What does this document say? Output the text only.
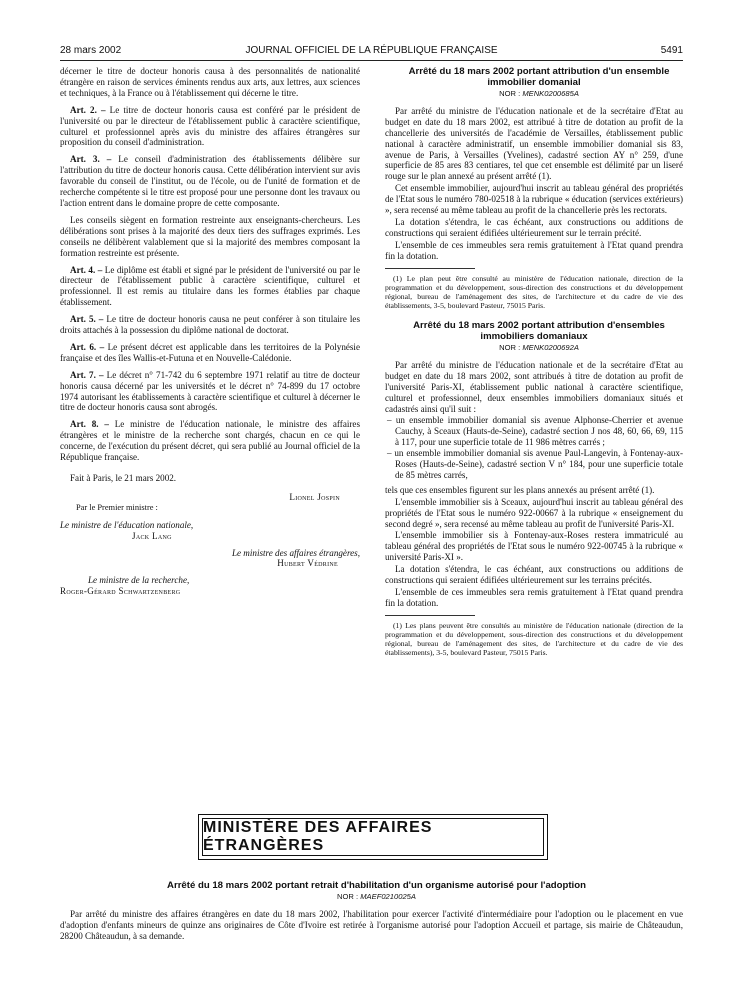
28 mars 2002	JOURNAL OFFICIEL DE LA RÉPUBLIQUE FRANÇAISE	5491

décerner le titre de docteur honoris causa à des personnalités de nationalité étrangère en raison de services éminents rendus aux arts, aux lettres, aux sciences et techniques, à la France ou à l'établissement qui décerne le titre.

Art. 2. – Le titre de docteur honoris causa est conféré par le président de l'université ou par le directeur de l'établissement public à caractère scientifique, culturel et professionnel après avis du ministre des affaires étrangères sur proposition du conseil d'administration.

Art. 3. – Le conseil d'administration des établissements délibère sur l'attribution du titre de docteur honoris causa. Cette délibération intervient sur avis favorable du conseil de l'institut, ou de l'école, ou de l'unité de formation et de recherche compétente si le titre est proposé pour une personne dont les travaux ou l'action entrent dans le domaine propre de cette composante.

Les conseils siègent en formation restreinte aux enseignants-chercheurs. Les délibérations sont prises à la majorité des deux tiers des suffrages exprimés. Les conseils ne délibèrent valablement que si la majorité des membres composant la formation restreinte est présente.

Art. 4. – Le diplôme est établi et signé par le président de l'université ou par le directeur de l'établissement public à caractère scientifique, culturel et professionnel. Il est remis au titulaire dans les formes établies par chaque établissement.

Art. 5. – Le titre de docteur honoris causa ne peut conférer à son titulaire les droits attachés à la possession du diplôme national de doctorat.

Art. 6. – Le présent décret est applicable dans les territoires de la Polynésie française et des îles Wallis-et-Futuna et en Nouvelle-Calédonie.

Art. 7. – Le décret n° 71-742 du 6 septembre 1971 relatif au titre de docteur honoris causa décerné par les universités et le décret n° 74-899 du 17 octobre 1974 autorisant les établissements à caractère scientifique et culturel à décerner le titre de docteur honoris causa sont abrogés.

Art. 8. – Le ministre de l'éducation nationale, le ministre des affaires étrangères et le ministre de la recherche sont chargés, chacun en ce qui le concerne, de l'exécution du présent décret, qui sera publié au Journal officiel de la République française.

Fait à Paris, le 21 mars 2002.

Lionel Jospin

Par le Premier ministre :

Le ministre de l'éducation nationale,

Jack Lang

Le ministre des affaires étrangères,

Hubert Védrine

Le ministre de la recherche,

Roger-Gérard Schwartzenberg

Arrêté du 18 mars 2002 portant attribution d'un ensemble immobilier domanial

NOR : MENK0200685A

Par arrêté du ministre de l'éducation nationale et de la secrétaire d'Etat au budget en date du 18 mars 2002, est attribué à titre de dotation au profit de la chancellerie des universités de l'académie de Versailles, établissement public national à caractère administratif, un ensemble immobilier domanial sis 83, avenue de Paris, à Versailles (Yvelines), cadastré section AY n° 259, d'une superficie de 85 ares 83 centiares, tel que cet ensemble est délimité par un liseré rouge sur le plan annexé au présent arrêté (1).

Cet ensemble immobilier, aujourd'hui inscrit au tableau général des propriétés de l'Etat sous le numéro 780-02518 à la rubrique « éducation (services extérieurs) », sera recensé au même tableau au profit de la chancellerie près les rectorats.

La dotation s'étendra, le cas échéant, aux constructions ou additions de constructions qui seraient édifiées ultérieurement sur le terrain précité.

L'ensemble de ces immeubles sera remis gratuitement à l'Etat quand prendra fin la dotation.

(1) Le plan peut être consulté au ministère de l'éducation nationale, direction de la programmation et du développement, sous-direction des constructions et du développement régional, bureau de l'aménagement des sites, de l'architecture et du cadre de vie des établissements, 3-5, boulevard Pasteur, 75015 Paris.

Arrêté du 18 mars 2002 portant attribution d'ensembles immobiliers domaniaux

NOR : MENK0200692A

Par arrêté du ministre de l'éducation nationale et de la secrétaire d'Etat au budget en date du 18 mars 2002, sont attribués à titre de dotation au profit de l'université Paris-XI, établissement public national à caractère scientifique, culturel et professionnel, deux ensembles immobiliers domaniaux situés et cadastrés ainsi qu'il suit :

– un ensemble immobilier domanial sis avenue Alphonse-Cherrier et avenue Cauchy, à Sceaux (Hauts-de-Seine), cadastré section J nos 48, 60, 66, 69, 115 à 117, pour une superficie totale de 11 986 mètres carrés ;
– un ensemble immobilier domanial sis avenue Paul-Langevin, à Fontenay-aux-Roses (Hauts-de-Seine), cadastré section V n° 184, pour une superficie totale de 85 mètres carrés,

tels que ces ensembles figurent sur les plans annexés au présent arrêté (1).

L'ensemble immobilier sis à Sceaux, aujourd'hui inscrit au tableau général des propriétés de l'Etat sous le numéro 922-00667 à la rubrique « enseignement du second degré », sera recensé au même tableau au profit de l'université Paris-XI.

L'ensemble immobilier sis à Fontenay-aux-Roses restera immatriculé au tableau général des propriétés de l'Etat sous le numéro 922-00745 à la rubrique « université Paris-XI ».

La dotation s'étendra, le cas échéant, aux constructions ou additions de constructions qui seraient édifiées ultérieurement sur les terrains précités.

L'ensemble de ces immeubles sera remis gratuitement à l'Etat quand prendra fin la dotation.

(1) Les plans peuvent être consultés au ministère de l'éducation nationale (direction de la programmation et du développement, sous-direction des constructions et du développement régional, bureau de l'aménagement des sites, de l'architecture et du cadre de vie des établissements), 3-5, boulevard Pasteur, 75015 Paris.

MINISTÈRE DES AFFAIRES ÉTRANGÈRES

Arrêté du 18 mars 2002 portant retrait d'habilitation d'un organisme autorisé pour l'adoption

NOR : MAEF0210025A

Par arrêté du ministre des affaires étrangères en date du 18 mars 2002, l'habilitation pour exercer l'activité d'intermédiaire pour l'adoption ou le placement en vue d'adoption d'enfants mineurs de quinze ans originaires de Côte d'Ivoire est retirée à l'organisme autorisé pour l'adoption Accueil et partage, sis mairie de Châteaudun, 28200 Châteaudun, à sa demande.
